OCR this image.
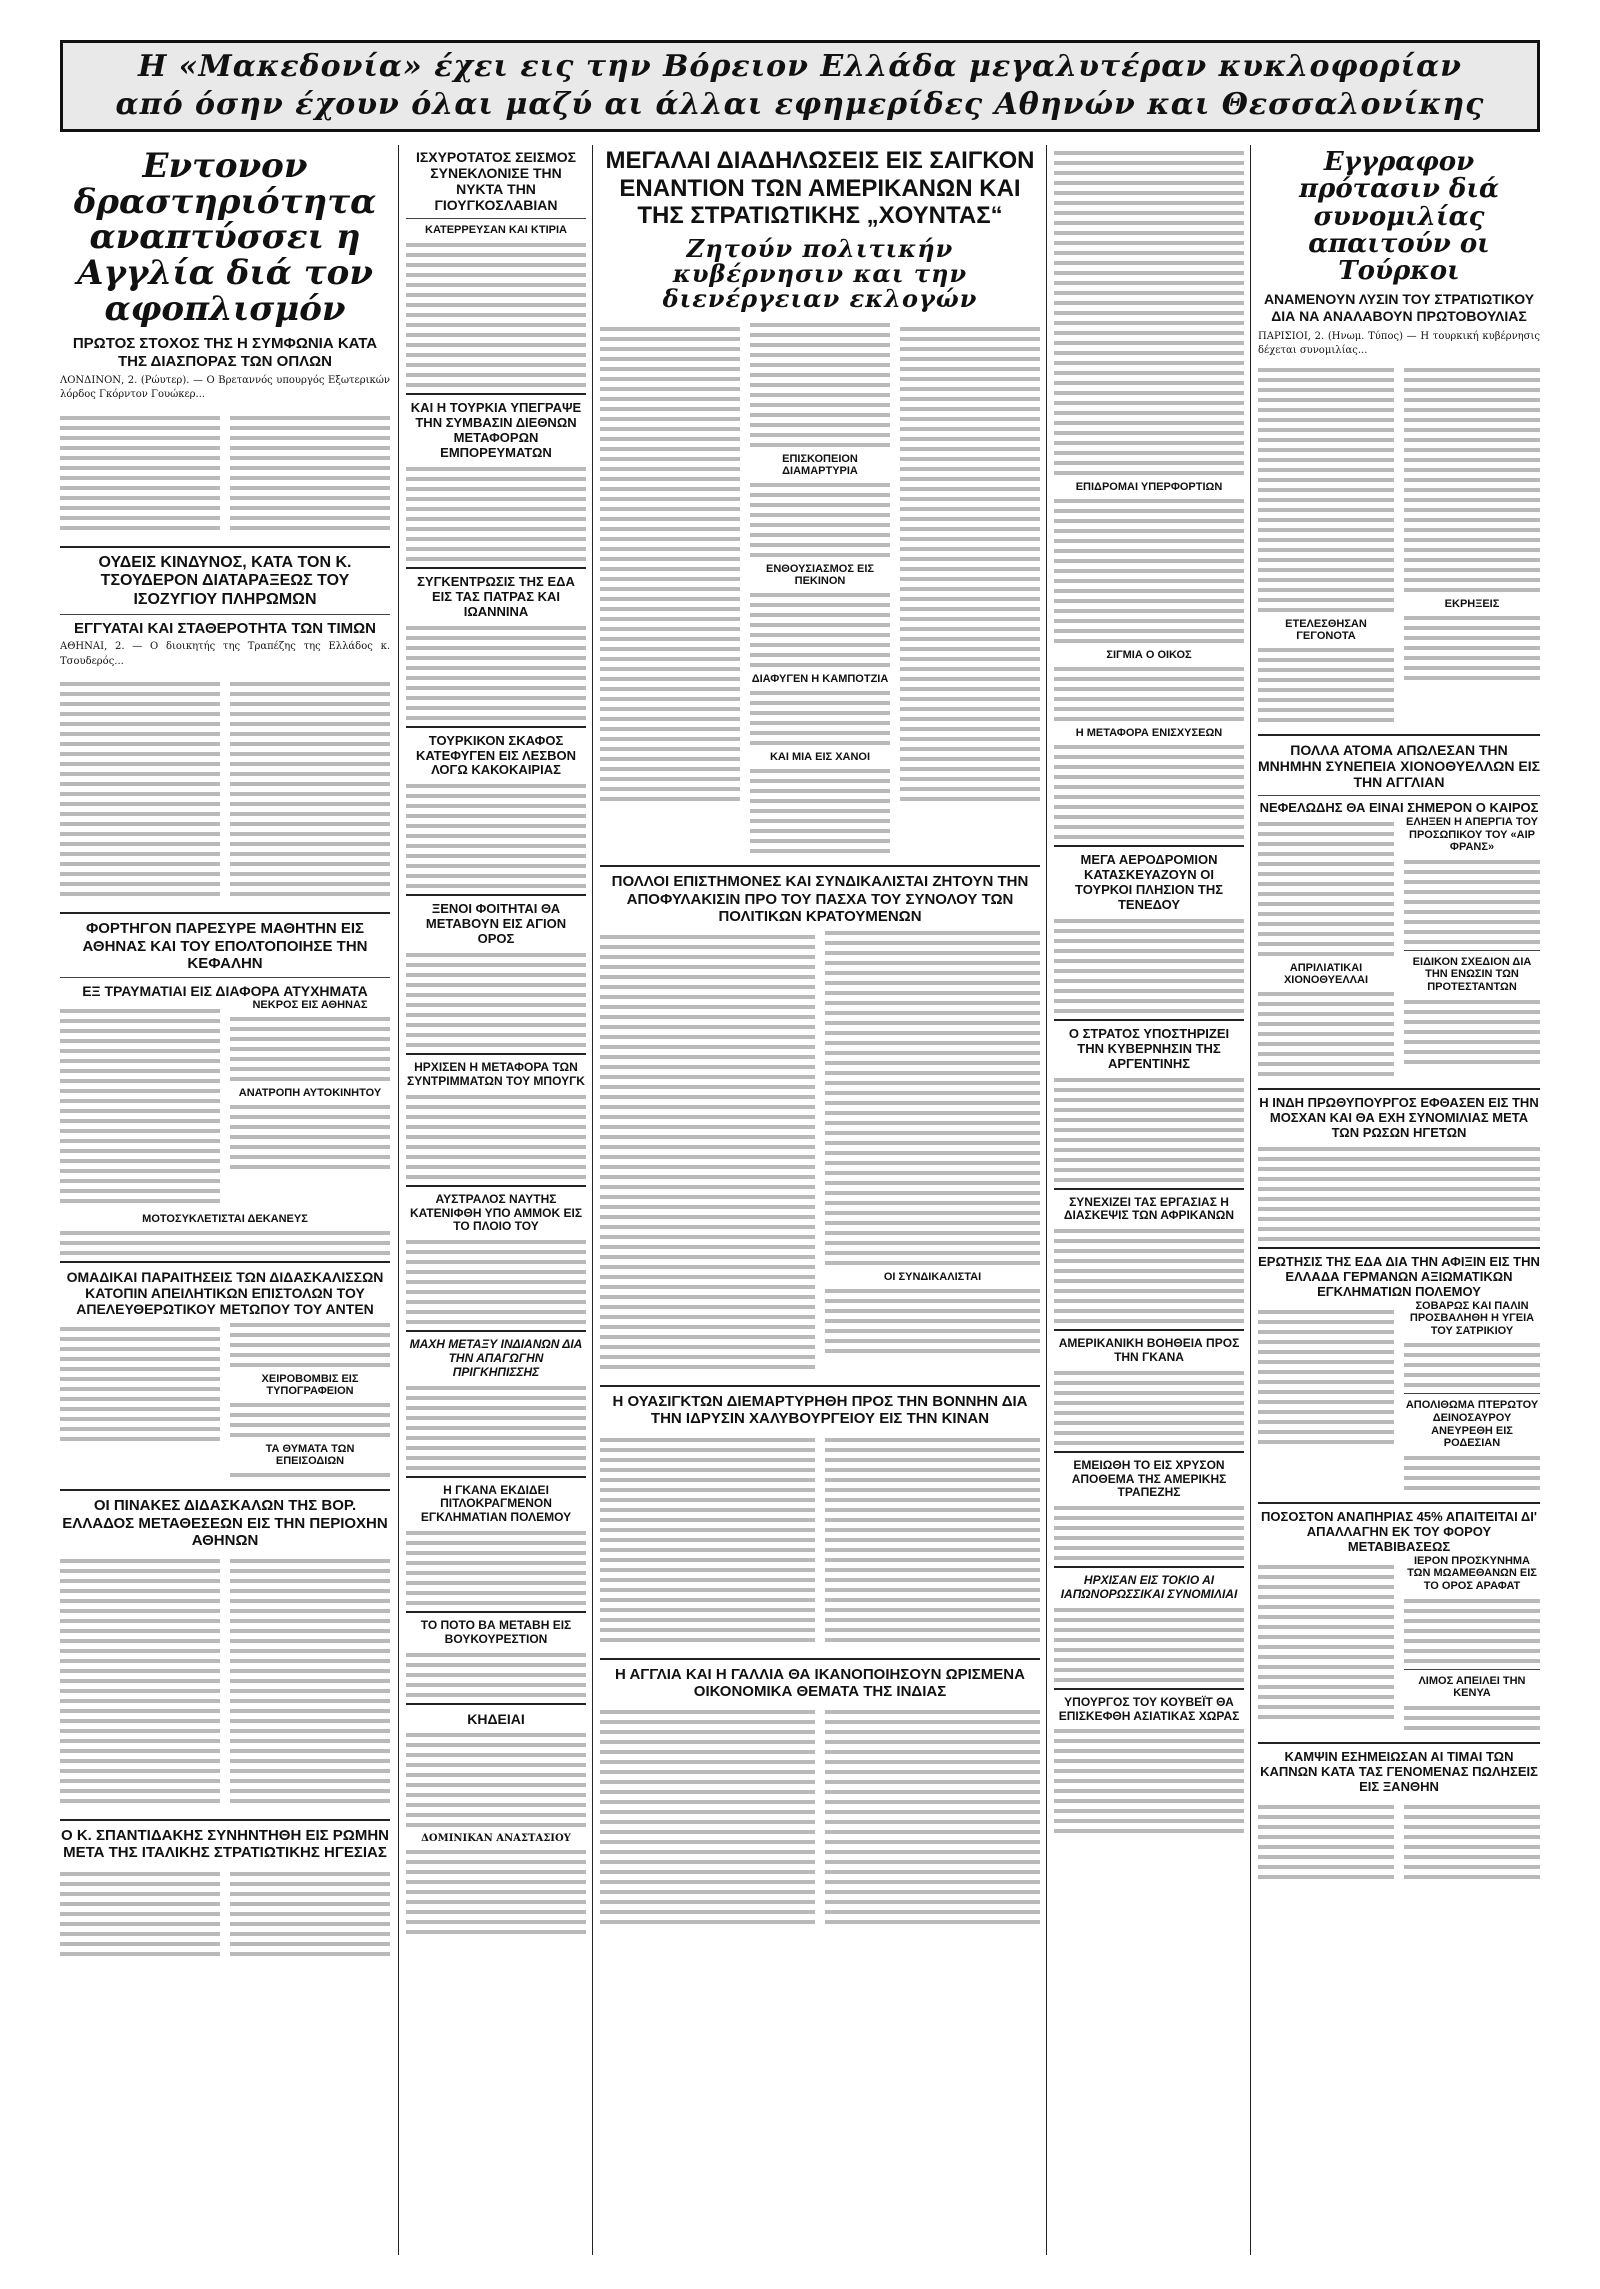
Η «Μακεδονία» έχει εις την Βόρειον Ελλάδα μεγαλυτέραν κυκλοφορίαν
από όσην έχουν όλαι μαζύ αι άλλαι εφημερίδες Αθηνών και Θεσσαλονίκης
Εντονον δραστηριότητα αναπτύσσει η Αγγλία διά τον αφοπλισμόν
ΠΡΩΤΟΣ ΣΤΟΧΟΣ ΤΗΣ Η ΣΥΜΦΩΝΙΑ ΚΑΤΑ ΤΗΣ ΔΙΑΣΠΟΡΑΣ ΤΩΝ ΟΠΛΩΝ
ΛΟΝΔΙΝΟΝ, 2. (Ρώυτερ). — Ο Βρεταννός υπουργός Εξωτερικών λόρδος Γκόρντον Γουώκερ...
ΟΥΔΕΙΣ ΚΙΝΔΥΝΟΣ, ΚΑΤΑ ΤΟΝ Κ. ΤΣΟΥΔΕΡΟΝ ΔΙΑΤΑΡΑΞΕΩΣ ΤΟΥ ΙΣΟΖΥΓΙΟΥ ΠΛΗΡΩΜΩΝ
ΕΓΓΥΑΤΑΙ ΚΑΙ ΣΤΑΘΕΡΟΤΗΤΑ ΤΩΝ ΤΙΜΩΝ
ΑΘΗΝΑΙ, 2. — Ο διοικητής της Τραπέζης της Ελλάδος κ. Τσουδερός...
ΦΟΡΤΗΓΟΝ ΠΑΡΕΣΥΡΕ ΜΑΘΗΤΗΝ ΕΙΣ ΑΘΗΝΑΣ ΚΑΙ ΤΟΥ ΕΠΟΛΤΟΠΟΙΗΣΕ ΤΗΝ ΚΕΦΑΛΗΝ
ΕΞ ΤΡΑΥΜΑΤΙΑΙ ΕΙΣ ΔΙΑΦΟΡΑ ΑΤΥΧΗΜΑΤΑ
ΝΕΚΡΟΣ ΕΙΣ ΑΘΗΝΑΣ
ΑΝΑΤΡΟΠΗ ΑΥΤΟΚΙΝΗΤΟΥ
ΜΟΤΟΣΥΚΛΕΤΙΣΤΑΙ ΔΕΚΑΝΕΥΣ
ΟΜΑΔΙΚΑΙ ΠΑΡΑΙΤΗΣΕΙΣ ΤΩΝ ΔΙΔΑΣΚΑΛΙΣΣΩΝ ΚΑΤΟΠΙΝ ΑΠΕΙΛΗΤΙΚΩΝ ΕΠΙΣΤΟΛΩΝ ΤΟΥ ΑΠΕΛΕΥΘΕΡΩΤΙΚΟΥ ΜΕΤΩΠΟΥ ΤΟΥ ΑΝΤΕΝ
ΧΕΙΡΟΒΟΜΒΙΣ ΕΙΣ ΤΥΠΟΓΡΑΦΕΙΟΝ
ΤΑ ΘΥΜΑΤΑ ΤΩΝ ΕΠΕΙΣΟΔΙΩΝ
ΟΙ ΠΙΝΑΚΕΣ ΔΙΔΑΣΚΑΛΩΝ ΤΗΣ ΒΟΡ. ΕΛΛΑΔΟΣ ΜΕΤΑΘΕΣΕΩΝ ΕΙΣ ΤΗΝ ΠΕΡΙΟΧΗΝ ΑΘΗΝΩΝ
Ο Κ. ΣΠΑΝΤΙΔΑΚΗΣ ΣΥΝΗΝΤΗΘΗ ΕΙΣ ΡΩΜΗΝ ΜΕΤΑ ΤΗΣ ΙΤΑΛΙΚΗΣ ΣΤΡΑΤΙΩΤΙΚΗΣ ΗΓΕΣΙΑΣ
ΙΣΧΥΡΟΤΑΤΟΣ ΣΕΙΣΜΟΣ ΣΥΝΕΚΛΟΝΙΣΕ ΤΗΝ ΝΥΚΤΑ ΤΗΝ ΓΙΟΥΓΚΟΣΛΑΒΙΑΝ
ΚΑΤΕΡΡΕΥΣΑΝ ΚΑΙ ΚΤΙΡΙΑ
ΚΑΙ Η ΤΟΥΡΚΙΑ ΥΠΕΓΡΑΨΕ ΤΗΝ ΣΥΜΒΑΣΙΝ ΔΙΕΘΝΩΝ ΜΕΤΑΦΟΡΩΝ ΕΜΠΟΡΕΥΜΑΤΩΝ
ΣΥΓΚΕΝΤΡΩΣΙΣ ΤΗΣ ΕΔΑ ΕΙΣ ΤΑΣ ΠΑΤΡΑΣ ΚΑΙ ΙΩΑΝΝΙΝΑ
ΤΟΥΡΚΙΚΟΝ ΣΚΑΦΟΣ ΚΑΤΕΦΥΓΕΝ ΕΙΣ ΛΕΣΒΟΝ ΛΟΓΩ ΚΑΚΟΚΑΙΡΙΑΣ
ΞΕΝΟΙ ΦΟΙΤΗΤΑΙ ΘΑ ΜΕΤΑΒΟΥΝ ΕΙΣ ΑΓΙΟΝ ΟΡΟΣ
ΗΡΧΙΣΕΝ Η ΜΕΤΑΦΟΡΑ ΤΩΝ ΣΥΝΤΡΙΜΜΑΤΩΝ ΤΟΥ ΜΠΟΥΓΚ
ΑΥΣΤΡΑΛΟΣ ΝΑΥΤΗΣ ΚΑΤΕΝΙΦΘΗ ΥΠΟ ΑΜΜΟΚ ΕΙΣ ΤΟ ΠΛΟΙΟ ΤΟΥ
ΜΑΧΗ ΜΕΤΑΞΥ ΙΝΔΙΑΝΩΝ ΔΙΑ ΤΗΝ ΑΠΑΓΩΓΗΝ ΠΡΙΓΚΗΠΙΣΣΗΣ
Η ΓΚΑΝΑ ΕΚΔΙΔΕΙ ΠΙΤΛΟΚΡΑΓΜΕΝΟΝ ΕΓΚΛΗΜΑΤΙΑΝ ΠΟΛΕΜΟΥ
ΤΟ ΠΟΤΟ ΒΑ ΜΕΤΑΒΗ ΕΙΣ ΒΟΥΚΟΥΡΕΣΤΙΟΝ
ΚΗΔΕΙΑΙ
ΔΟΜΙΝΙΚΑΝ ΑΝΑΣΤΑΣΙΟΥ
ΜΕΓΑΛΑΙ ΔΙΑΔΗΛΩΣΕΙΣ ΕΙΣ ΣΑΙΓΚΟΝ ΕΝΑΝΤΙΟΝ ΤΩΝ ΑΜΕΡΙΚΑΝΩΝ ΚΑΙ ΤΗΣ ΣΤΡΑΤΙΩΤΙΚΗΣ „ΧΟΥΝΤΑΣ“
Ζητούν πολιτικήν κυβέρνησιν και την διενέργειαν εκλογών
ΕΠΙΣΚΟΠΕΙΟΝ ΔΙΑΜΑΡΤΥΡΙΑ
ΕΝΘΟΥΣΙΑΣΜΟΣ ΕΙΣ ΠΕΚΙΝΟΝ
ΔΙΑΦΥΓΕΝ Η ΚΑΜΠΟΤΖΙΑ
ΚΑΙ ΜΙΑ ΕΙΣ ΧΑΝΟΙ
ΠΟΛΛΟΙ ΕΠΙΣΤΗΜΟΝΕΣ ΚΑΙ ΣΥΝΔΙΚΑΛΙΣΤΑΙ ΖΗΤΟΥΝ ΤΗΝ ΑΠΟΦΥΛΑΚΙΣΙΝ ΠΡΟ ΤΟΥ ΠΑΣΧΑ ΤΟΥ ΣΥΝΟΛΟΥ ΤΩΝ ΠΟΛΙΤΙΚΩΝ ΚΡΑΤΟΥΜΕΝΩΝ
ΟΙ ΣΥΝΔΙΚΑΛΙΣΤΑΙ
Η ΟΥΑΣΙΓΚΤΩΝ ΔΙΕΜΑΡΤΥΡΗΘΗ ΠΡΟΣ ΤΗΝ ΒΟΝΝΗΝ ΔΙΑ ΤΗΝ ΙΔΡΥΣΙΝ ΧΑΛΥΒΟΥΡΓΕΙΟΥ ΕΙΣ ΤΗΝ ΚΙΝΑΝ
Η ΑΓΓΛΙΑ ΚΑΙ Η ΓΑΛΛΙΑ ΘΑ ΙΚΑΝΟΠΟΙΗΣΟΥΝ ΩΡΙΣΜΕΝΑ ΟΙΚΟΝΟΜΙΚΑ ΘΕΜΑΤΑ ΤΗΣ ΙΝΔΙΑΣ
ΕΠΙΔΡΟΜΑΙ ΥΠΕΡΦΟΡΤΙΩΝ
ΣΙΓΜΙΑ Ο ΟΙΚΟΣ
Η ΜΕΤΑΦΟΡΑ ΕΝΙΣΧΥΣΕΩΝ
ΜΕΓΑ ΑΕΡΟΔΡΟΜΙΟΝ ΚΑΤΑΣΚΕΥΑΖΟΥΝ ΟΙ ΤΟΥΡΚΟΙ ΠΛΗΣΙΟΝ ΤΗΣ ΤΕΝΕΔΟΥ
Ο ΣΤΡΑΤΟΣ ΥΠΟΣΤΗΡΙΖΕΙ ΤΗΝ ΚΥΒΕΡΝΗΣΙΝ ΤΗΣ ΑΡΓΕΝΤΙΝΗΣ
ΣΥΝΕΧΙΖΕΙ ΤΑΣ ΕΡΓΑΣΙΑΣ Η ΔΙΑΣΚΕΨΙΣ ΤΩΝ ΑΦΡΙΚΑΝΩΝ
ΑΜΕΡΙΚΑΝΙΚΗ ΒΟΗΘΕΙΑ ΠΡΟΣ ΤΗΝ ΓΚΑΝΑ
ΕΜΕΙΩΘΗ ΤΟ ΕΙΣ ΧΡΥΣΟΝ ΑΠΟΘΕΜΑ ΤΗΣ ΑΜΕΡΙΚΗΣ ΤΡΑΠΕΖΗΣ
ΗΡΧΙΣΑΝ ΕΙΣ ΤΟΚΙΟ ΑΙ ΙΑΠΩΝΟΡΩΣΣΙΚΑΙ ΣΥΝΟΜΙΛΙΑΙ
ΥΠΟΥΡΓΟΣ ΤΟΥ ΚΟΥΒΕΪΤ ΘΑ ΕΠΙΣΚΕΦΘΗ ΑΣΙΑΤΙΚΑΣ ΧΩΡΑΣ
Εγγραφον πρότασιν διά συνομιλίας απαιτούν οι Τούρκοι
ΑΝΑΜΕΝΟΥΝ ΛΥΣΙΝ ΤΟΥ ΣΤΡΑΤΙΩΤΙΚΟΥ ΔΙΑ ΝΑ ΑΝΑΛΑΒΟΥΝ ΠΡΩΤΟΒΟΥΛΙΑΣ
ΠΑΡΙΣΙΟΙ, 2. (Ηνωμ. Τύπος) — Η τουρκική κυβέρνησις δέχεται συνομιλίας...
ΕΤΕΛΕΣΘΗΣΑΝ ΓΕΓΟΝΟΤΑ
ΕΚΡΗΞΕΙΣ
ΠΟΛΛΑ ΑΤΟΜΑ ΑΠΩΛΕΣΑΝ ΤΗΝ ΜΝΗΜΗΝ ΣΥΝΕΠΕΙΑ ΧΙΟΝΟΘΥΕΛΛΩΝ ΕΙΣ ΤΗΝ ΑΓΓΛΙΑΝ
ΝΕΦΕΛΩΔΗΣ ΘΑ ΕΙΝΑΙ ΣΗΜΕΡΟΝ Ο ΚΑΙΡΟΣ
ΑΠΡΙΛΙΑΤΙΚΑΙ ΧΙΟΝΟΘΥΕΛΛΑΙ
ΕΛΗΞΕΝ Η ΑΠΕΡΓΙΑ ΤΟΥ ΠΡΟΣΩΠΙΚΟΥ ΤΟΥ «ΑΙΡ ΦΡΑΝΣ»
ΕΙΔΙΚΟΝ ΣΧΕΔΙΟΝ ΔΙΑ ΤΗΝ ΕΝΩΣΙΝ ΤΩΝ ΠΡΟΤΕΣΤΑΝΤΩΝ
Η ΙΝΔΗ ΠΡΩΘΥΠΟΥΡΓΟΣ ΕΦΘΑΣΕΝ ΕΙΣ ΤΗΝ ΜΟΣΧΑΝ ΚΑΙ ΘΑ ΕΧΗ ΣΥΝΟΜΙΛΙΑΣ ΜΕΤΑ ΤΩΝ ΡΩΣΩΝ ΗΓΕΤΩΝ
ΕΡΩΤΗΣΙΣ ΤΗΣ ΕΔΑ ΔΙΑ ΤΗΝ ΑΦΙΞΙΝ ΕΙΣ ΤΗΝ ΕΛΛΑΔΑ ΓΕΡΜΑΝΩΝ ΑΞΙΩΜΑΤΙΚΩΝ ΕΓΚΛΗΜΑΤΙΩΝ ΠΟΛΕΜΟΥ
ΣΟΒΑΡΩΣ ΚΑΙ ΠΑΛΙΝ ΠΡΟΣΒΑΛΗΘΗ Η ΥΓΕΙΑ ΤΟΥ ΣΑΤΡΙΚΙΟΥ
ΑΠΟΛΙΘΩΜΑ ΠΤΕΡΩΤΟΥ ΔΕΙΝΟΣΑΥΡΟΥ ΑΝΕΥΡΕΘΗ ΕΙΣ ΡΟΔΕΣΙΑΝ
ΠΟΣΟΣΤΟΝ ΑΝΑΠΗΡΙΑΣ 45% ΑΠΑΙΤΕΙΤΑΙ ΔΙ' ΑΠΑΛΛΑΓΗΝ ΕΚ ΤΟΥ ΦΟΡΟΥ ΜΕΤΑΒΙΒΑΣΕΩΣ
ΙΕΡΟΝ ΠΡΟΣΚΥΝΗΜΑ ΤΩΝ ΜΩΑΜΕΘΑΝΩΝ ΕΙΣ ΤΟ ΟΡΟΣ ΑΡΑΦΑΤ
ΛΙΜΟΣ ΑΠΕΙΛΕΙ ΤΗΝ ΚΕΝΥΑ
ΚΑΜΨΙΝ ΕΣΗΜΕΙΩΣΑΝ ΑΙ ΤΙΜΑΙ ΤΩΝ ΚΑΠΝΩΝ ΚΑΤΑ ΤΑΣ ΓΕΝΟΜΕΝΑΣ ΠΩΛΗΣΕΙΣ ΕΙΣ ΞΑΝΘΗΝ
